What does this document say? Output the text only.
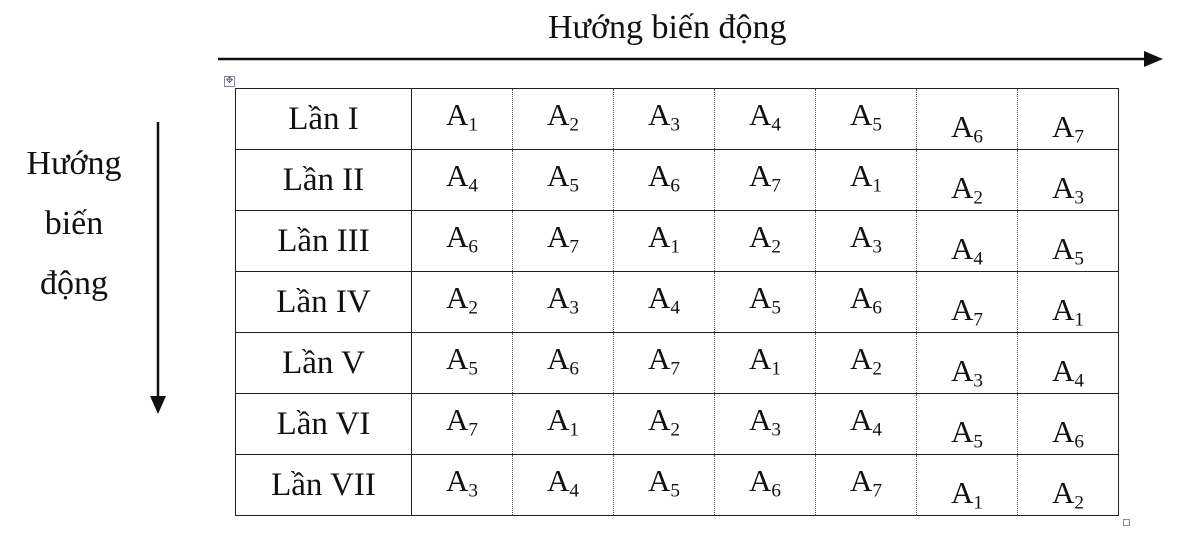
Hướng biến động
Hướng
biến
động
✥
Lần I	$A_1$	$A_2$	$A_3$	$A_4$	$A_5$	$A_6$	$A_7$
Lần II	$A_4$	$A_5$	$A_6$	$A_7$	$A_1$	$A_2$	$A_3$
Lần III	$A_6$	$A_7$	$A_1$	$A_2$	$A_3$	$A_4$	$A_5$
Lần IV	$A_2$	$A_3$	$A_4$	$A_5$	$A_6$	$A_7$	$A_1$
Lần V	$A_5$	$A_6$	$A_7$	$A_1$	$A_2$	$A_3$	$A_4$
Lần VI	$A_7$	$A_1$	$A_2$	$A_3$	$A_4$	$A_5$	$A_6$
Lần VII	$A_3$	$A_4$	$A_5$	$A_6$	$A_7$	$A_1$	$A_2$
